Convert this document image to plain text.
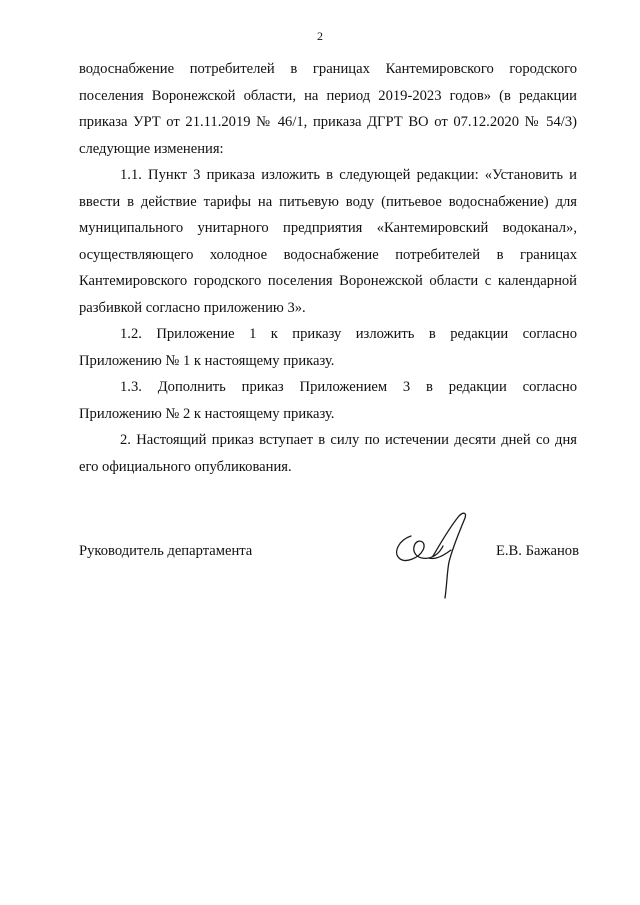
2

водоснабжение потребителей в границах Кантемировского городского поселения Воронежской области, на период 2019-2023 годов» (в редакции приказа УРТ от 21.11.2019 № 46/1, приказа ДГРТ ВО от 07.12.2020 № 54/3) следующие изменения:

1.1. Пункт 3 приказа изложить в следующей редакции: «Установить и ввести в действие тарифы на питьевую воду (питьевое водоснабжение) для муниципального унитарного предприятия «Кантемировский водоканал», осуществляющего холодное водоснабжение потребителей в границах Кантемировского городского поселения Воронежской области с календарной разбивкой согласно приложению 3».

1.2. Приложение 1 к приказу изложить в редакции согласно Приложению № 1 к настоящему приказу.

1.3. Дополнить приказ Приложением 3 в редакции согласно Приложению № 2 к настоящему приказу.

2. Настоящий приказ вступает в силу по истечении десяти дней со дня его официального опубликования.

Руководитель департамента	Е.В. Бажанов
